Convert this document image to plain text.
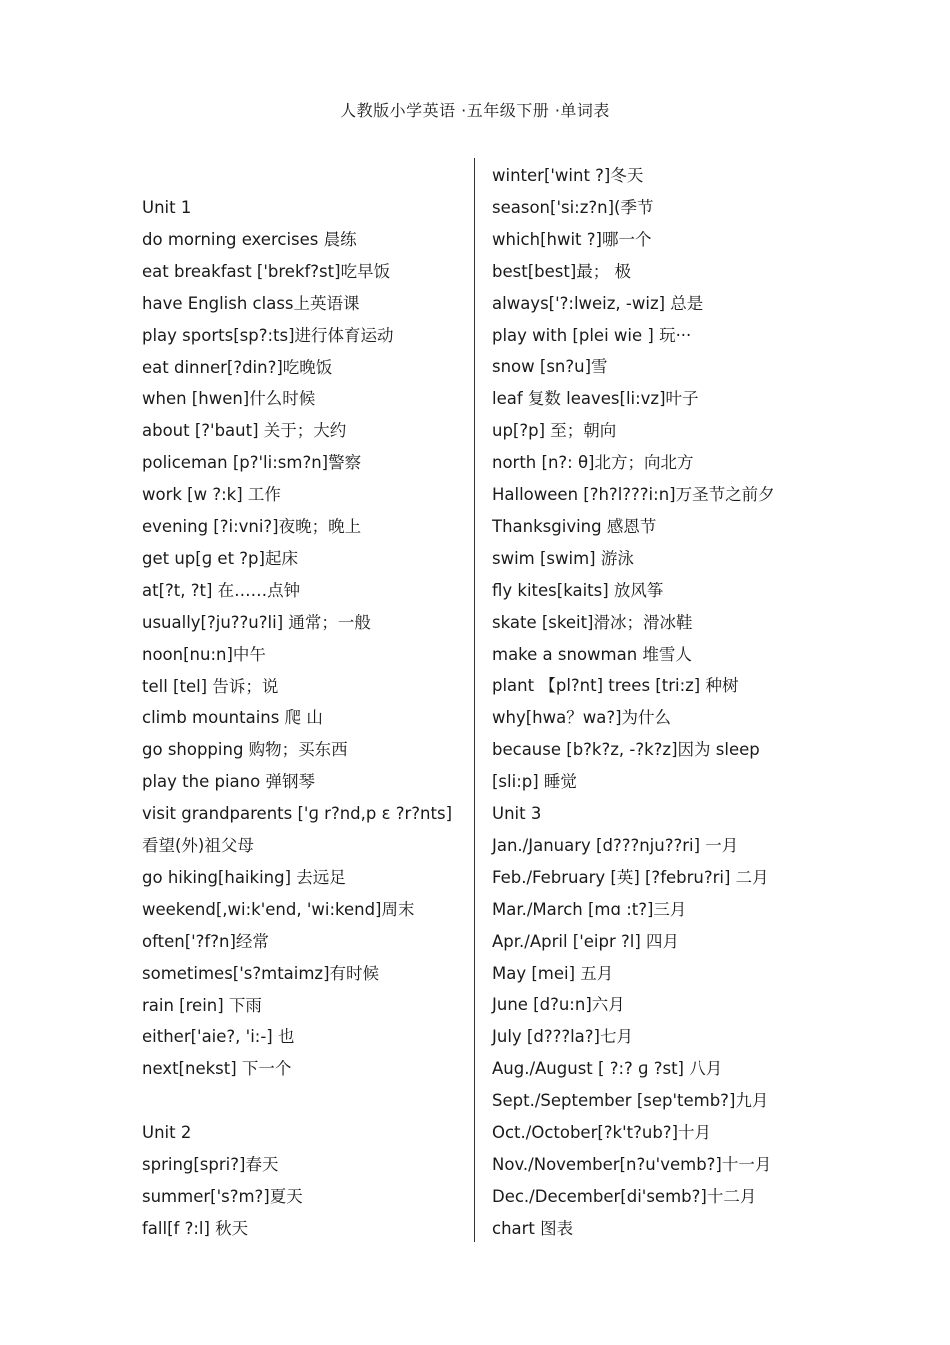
人教版小学英语 ·五年级下册 ·单词表
Unit 1
do morning exercises 晨练
eat breakfast ['brekf?st]吃早饭
have English class上英语课
play sports[sp?:ts]进行体育运动
eat dinner[?din?]吃晚饭
when [hwen]什么时候
about [?'baut] 关于；大约
policeman [p?'li:sm?n]警察
work [w ?:k] 工作
evening [?i:vni?]夜晚；晚上
get up[ɡ et ?p]起床
at[?t, ?t] 在……点钟
usually[?ju??u?li] 通常；一般
noon[nu:n]中午
tell [tel] 告诉；说
climb mountains 爬 山
go shopping 购物；买东西
play the piano 弹钢琴
visit grandparents ['ɡ r?nd,p ε ?r?nts]
看望(外)祖父母
go hiking[haiking] 去远足
weekend[,wi:k'end, 'wi:kend]周末
often['?f?n]经常
sometimes['s?mtaimz]有时候
rain [rein] 下雨
either['aie?, 'i:-] 也
next[nekst] 下一个
Unit 2
spring[spri?]春天
summer['s?m?]夏天
fall[f ?:l] 秋天
winter['wint ?]冬天
season['si:z?n](季节
which[hwit ?]哪一个
best[best]最； 极
always['?:lweiz, -wiz] 总是
play with [plei wie ] 玩···
snow [sn?u]雪
leaf 复数 leaves[li:vz]叶子
up[?p] 至；朝向
north [n?: θ]北方；向北方
Halloween [?h?l???i:n]万圣节之前夕
Thanksgiving 感恩节
swim [swim] 游泳
fly kites[kaits] 放风筝
skate [skeit]滑冰；滑冰鞋
make a snowman 堆雪人
plant 【pl?nt] trees [tri:z] 种树
why[hwa？wa?]为什么
because [b?k?z, -?k?z]因为 sleep
[sli:p] 睡觉
Unit 3
Jan./January [d???nju??ri] 一月
Feb./February [英] [?febru?ri] 二月
Mar./March [mɑ :t?]三月
Apr./April ['eipr ?l] 四月
May [mei] 五月
June [d?u:n]六月
July [d???la?]七月
Aug./August [ ?:? ɡ ?st] 八月
Sept./September [sep'temb?]九月
Oct./October[?k't?ub?]十月
Nov./November[n?u'vemb?]十一月
Dec./December[di'semb?]十二月
chart 图表
